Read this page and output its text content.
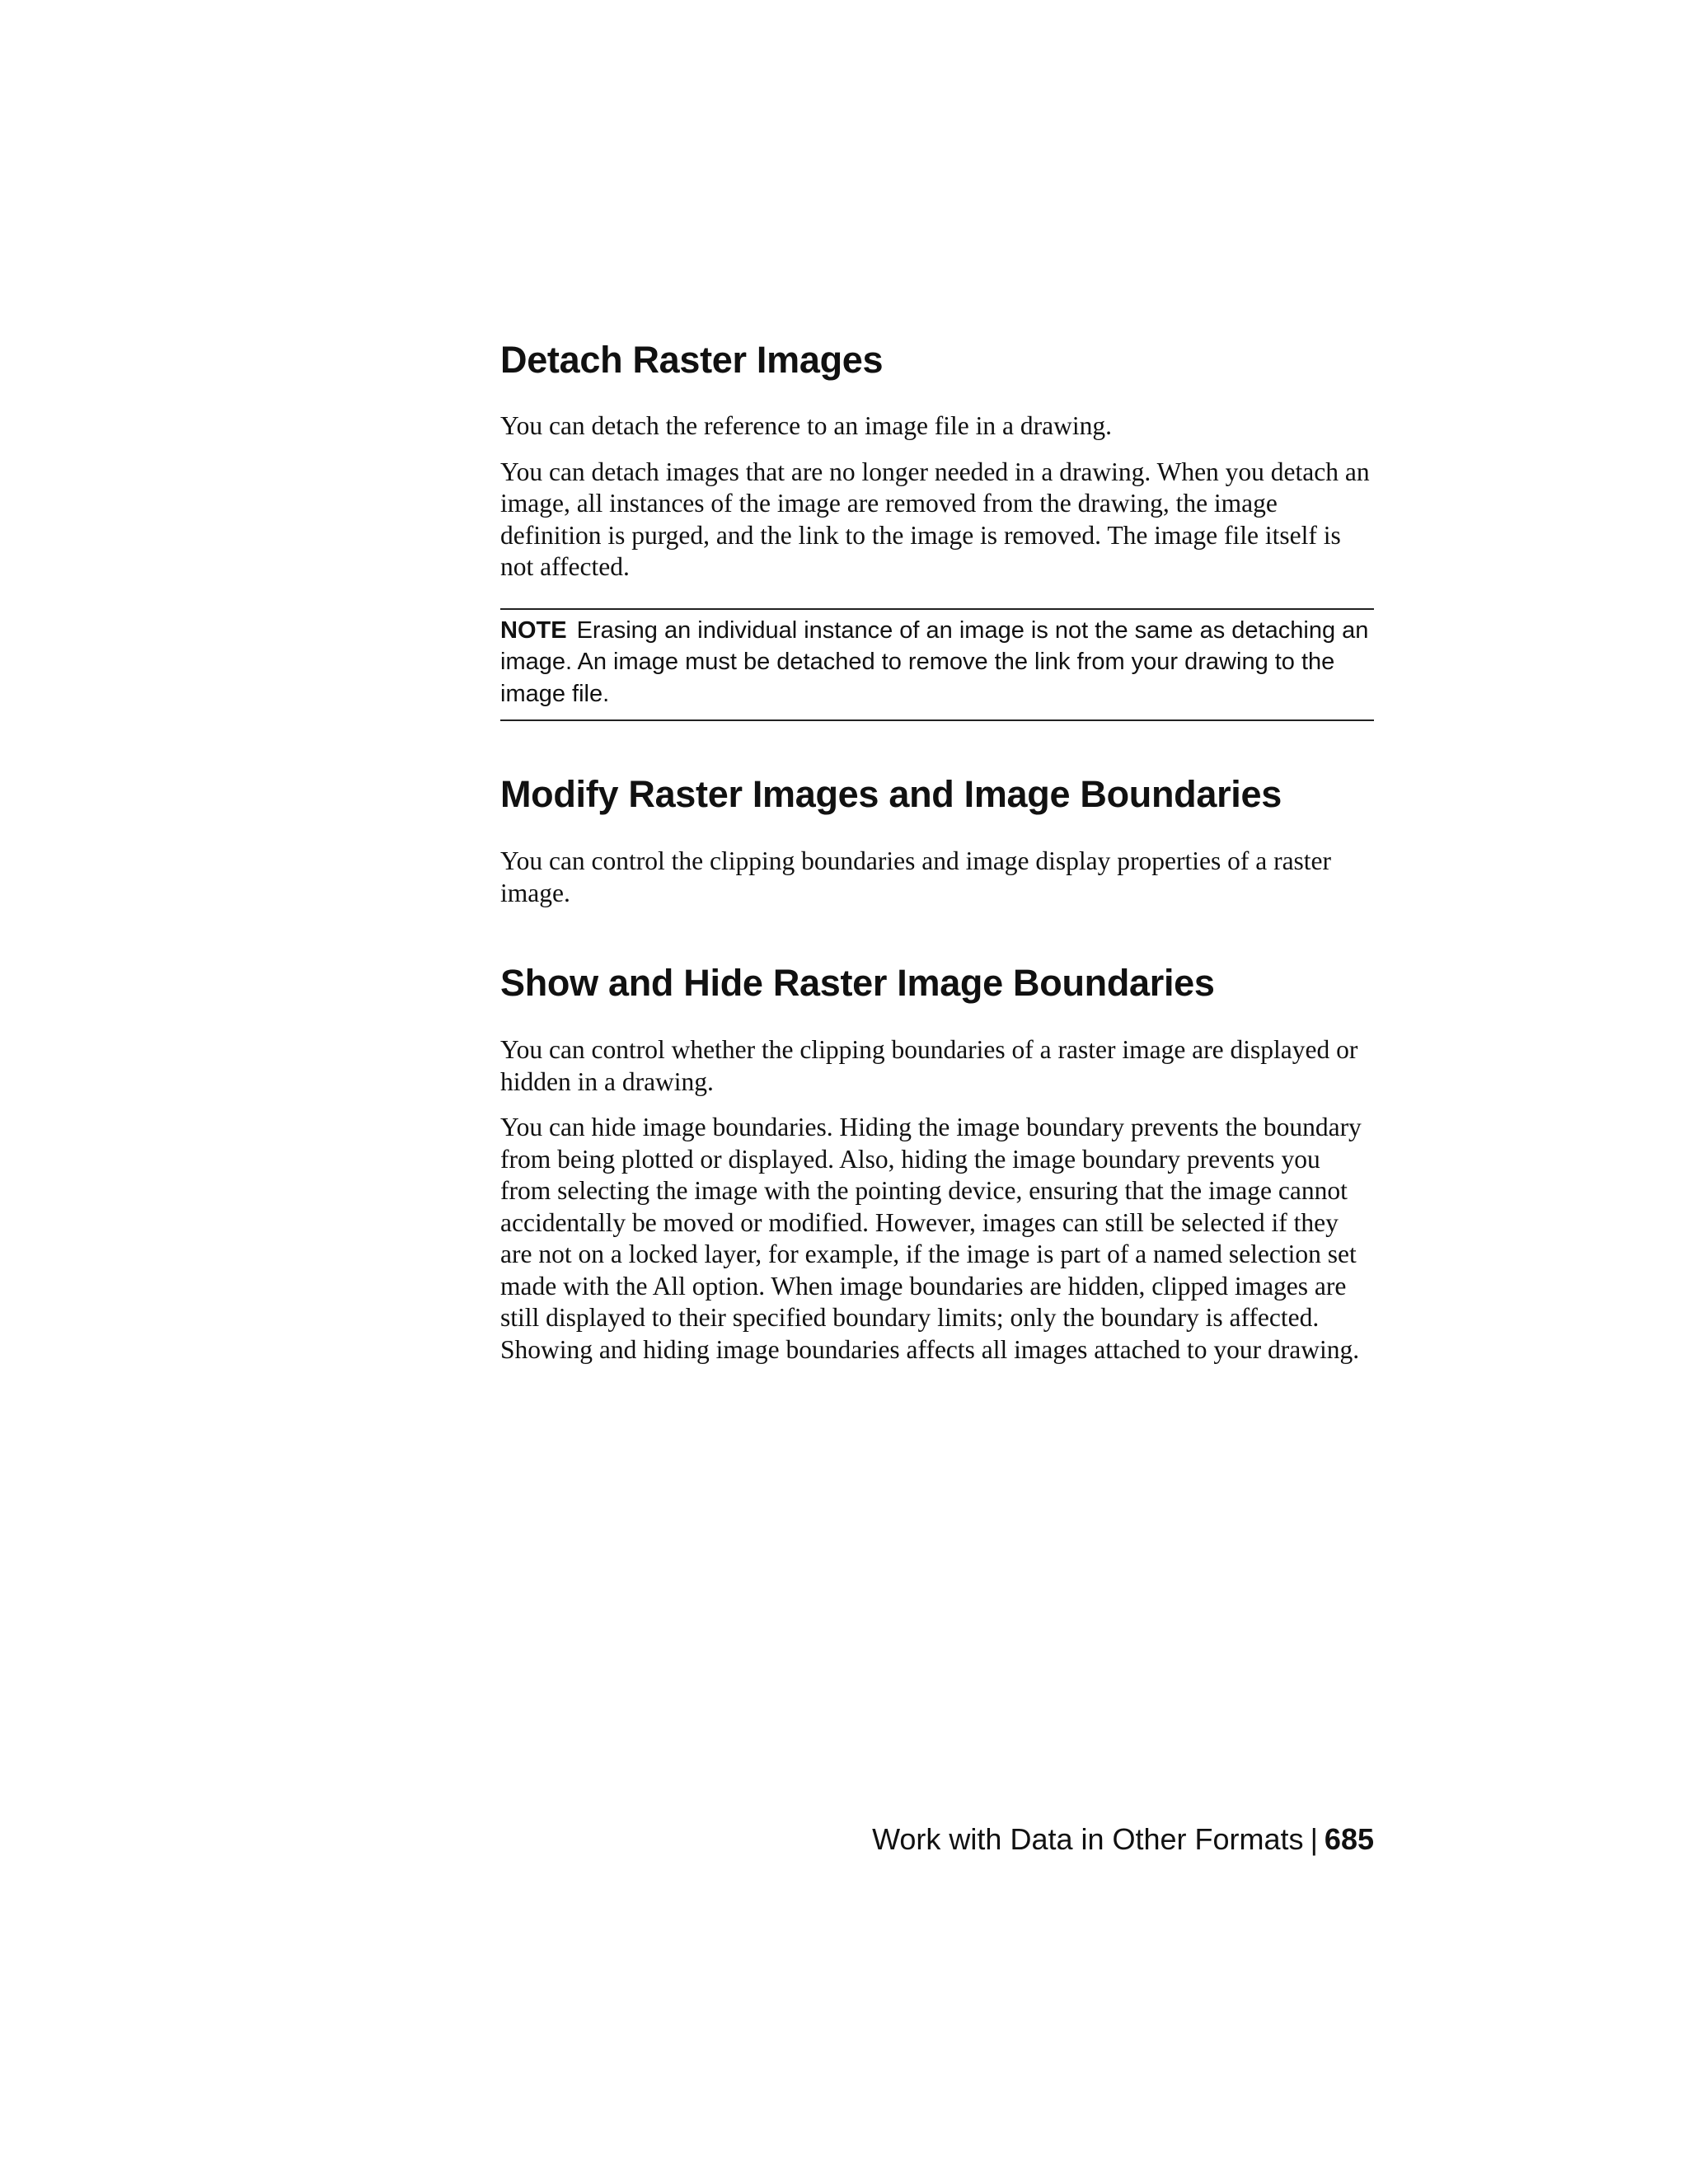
Detach Raster Images

You can detach the reference to an image file in a drawing.

You can detach images that are no longer needed in a drawing. When you detach an image, all instances of the image are removed from the drawing, the image definition is purged, and the link to the image is removed. The image file itself is not affected.

NOTE Erasing an individual instance of an image is not the same as detaching an image. An image must be detached to remove the link from your drawing to the image file.
Modify Raster Images and Image Boundaries

You can control the clipping boundaries and image display properties of a raster image.

Show and Hide Raster Image Boundaries

You can control whether the clipping boundaries of a raster image are displayed or hidden in a drawing.

You can hide image boundaries. Hiding the image boundary prevents the boundary from being plotted or displayed. Also, hiding the image boundary prevents you from selecting the image with the pointing device, ensuring that the image cannot accidentally be moved or modified. However, images can still be selected if they are not on a locked layer, for example, if the image is part of a named selection set made with the All option. When image boundaries are hidden, clipped images are still displayed to their specified boundary limits; only the boundary is affected. Showing and hiding image boundaries affects all images attached to your drawing.

Work with Data in Other Formats | 685
